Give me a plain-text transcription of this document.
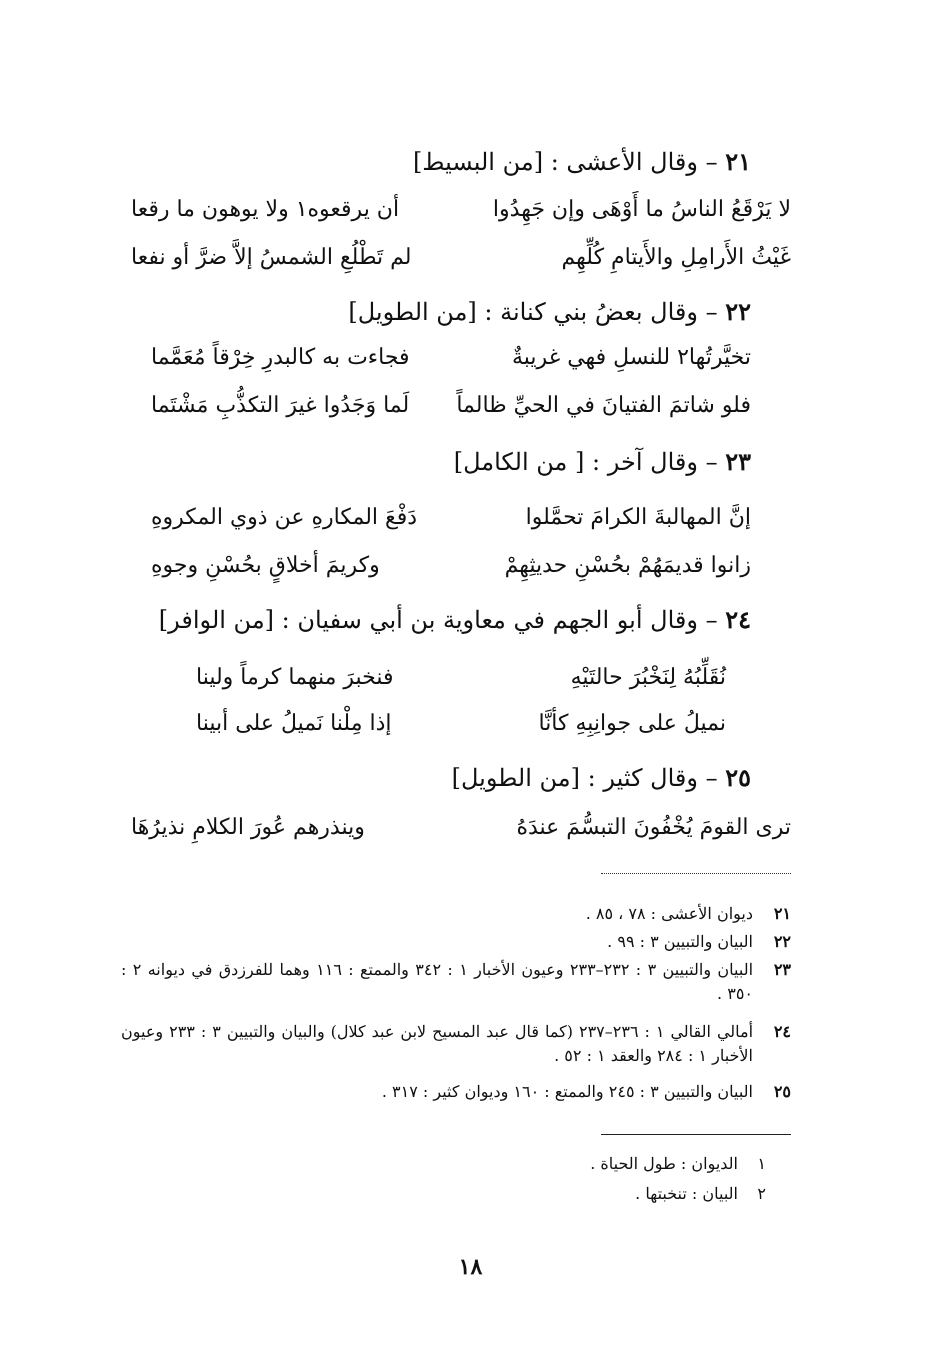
٢١ – وقال الأعشى : [من البسيط]
لا يَرْقَعُ الناسُ ما أَوْهَى وإن جَهِدُوا
أن يرقعوه١ ولا يوهون ما رقعا
غَيْثُ الأَرامِلِ والأَيتامِ كُلِّهِم
لم تَطْلُعِ الشمسُ إلاَّ ضرَّ أو نفعا
٢٢ – وقال بعضُ بني كنانة : [من الطويل]
تخيَّرتُها٢ للنسلِ فهي غريبةٌ
فجاءت به كالبدرِ خِرْقاً مُعَمَّما
فلو شاتمَ الفتيانَ في الحيِّ ظالماً
لَما وَجَدُوا غيرَ التكذُّبِ مَشْتَما
٢٣ – وقال آخر : [ من الكامل]
إنَّ المهالبةَ الكرامَ تحمَّلوا
دَفْعَ المكارهِ عن ذوي المكروهِ
زانوا قديمَهُمْ بحُسْنِ حديثِهِمْ
وكريمَ أخلاقٍ بحُسْنِ وجوهِ
٢٤ – وقال أبو الجهم في معاوية بن أبي سفيان : [من الوافر]
نُقَلِّبُهُ لِنَخْبُرَ حالتَيْهِ
فنخبرَ منهما كرماً ولينا
نميلُ على جوانِبِهِ كأنَّا
إذا مِلْنا نَميلُ على أبينا
٢٥ – وقال كثير : [من الطويل]
ترى القومَ يُخْفُونَ التبسُّمَ عندَهُ
وينذرهم عُورَ الكلامِ نذيرُهَا
٢١
ديوان الأعشى : ٧٨ ، ٨٥ .
٢٢
البيان والتبيين ٣ : ٩٩ .
٢٣
البيان والتبيين ٣ : ٢٣٢–٢٣٣ وعيون الأخبار ١ : ٣٤٢ والممتع : ١١٦ وهما للفرزدق في ديوانه ٢ : ٣٥٠ .
٢٤
أمالي القالي ١ : ٢٣٦–٢٣٧ (كما قال عبد المسيح لابن عبد كلال) والبيان والتبيين ٣ : ٢٣٣ وعيون الأخبار ١ : ٢٨٤ والعقد ١ : ٥٢ .
٢٥
البيان والتبيين ٣ : ٢٤٥ والممتع : ١٦٠ وديوان كثير : ٣١٧ .
١
الديوان : طول الحياة .
٢
البيان : تنخبتها .
١٨
